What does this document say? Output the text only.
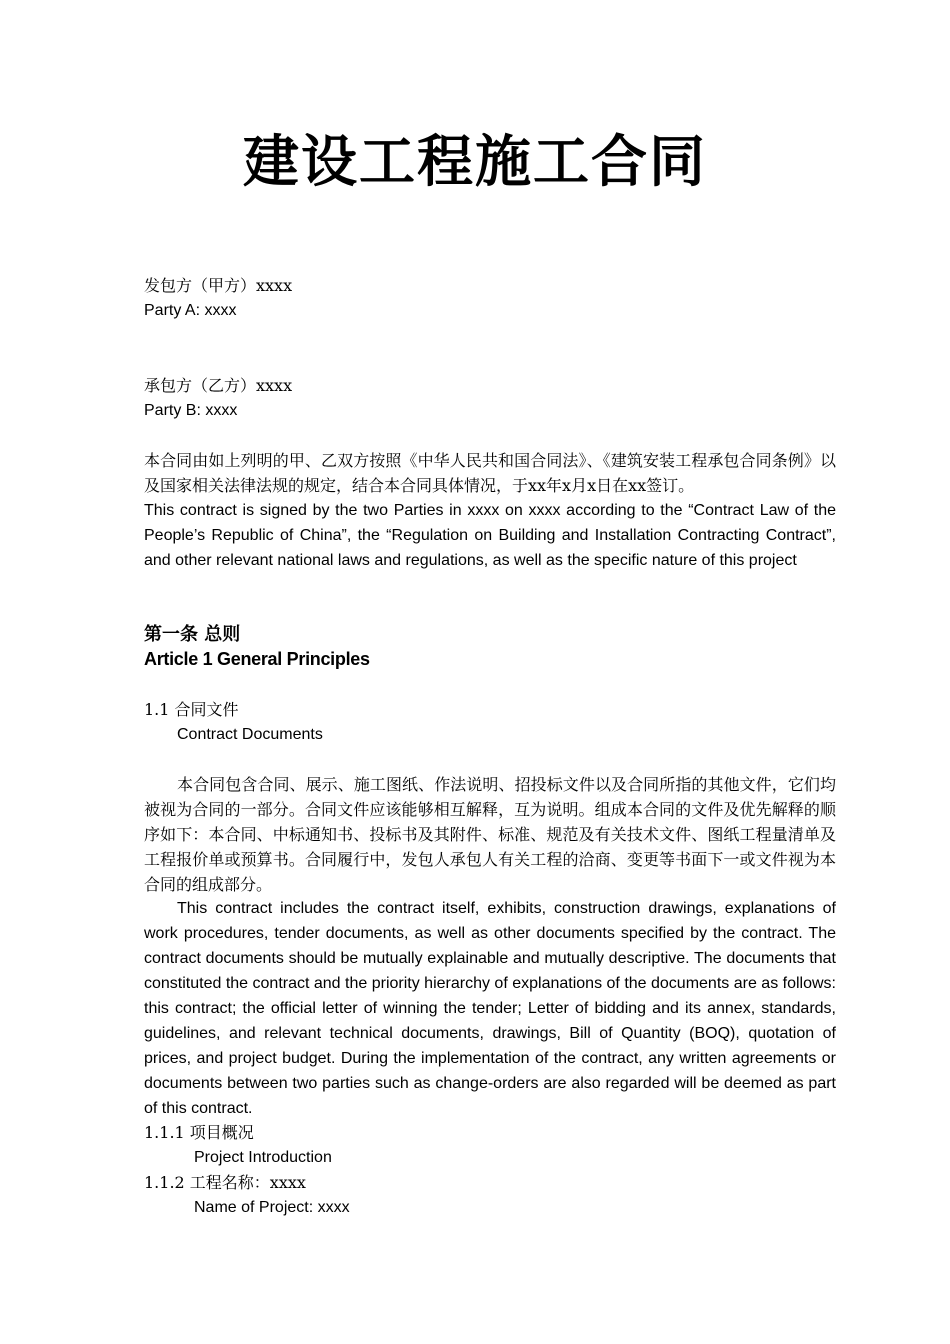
建设工程施工合同
发包方（甲方）xxxx
Party A: xxxx
承包方（乙方）xxxx
Party B: xxxx
本合同由如上列明的甲、乙双方按照《中华人民共和国合同法》、《建筑安装工程承包合同条例》以及国家相关法律法规的规定，结合本合同具体情况，于xx年x月x日在xx签订。
This contract is signed by the two Parties in xxxx on xxxx according to the “Contract Law of the People’s Republic of China”, the “Regulation on Building and Installation Contracting Contract”, and other relevant national laws and regulations, as well as the specific nature of this project
第一条 总则
Article 1 General Principles
1.1 合同文件
Contract Documents
本合同包含合同、展示、施工图纸、作法说明、招投标文件以及合同所指的其他文件，它们均被视为合同的一部分。合同文件应该能够相互解释，互为说明。组成本合同的文件及优先解释的顺序如下：本合同、中标通知书、投标书及其附件、标准、规范及有关技术文件、图纸工程量清单及工程报价单或预算书。合同履行中，发包人承包人有关工程的洽商、变更等书面下一或文件视为本合同的组成部分。
This contract includes the contract itself, exhibits, construction drawings, explanations of work procedures, tender documents, as well as other documents specified by the contract. The contract documents should be mutually explainable and mutually descriptive. The documents that constituted the contract and the priority hierarchy of explanations of the documents are as follows: this contract; the official letter of winning the tender; Letter of bidding and its annex, standards, guidelines, and relevant technical documents, drawings, Bill of Quantity (BOQ), quotation of prices, and project budget. During the implementation of the contract, any written agreements or documents between two parties such as change-orders are also regarded will be deemed as part of this contract.
1.1.1 项目概况
Project Introduction
1.1.2 工程名称：xxxx
Name of Project: xxxx
